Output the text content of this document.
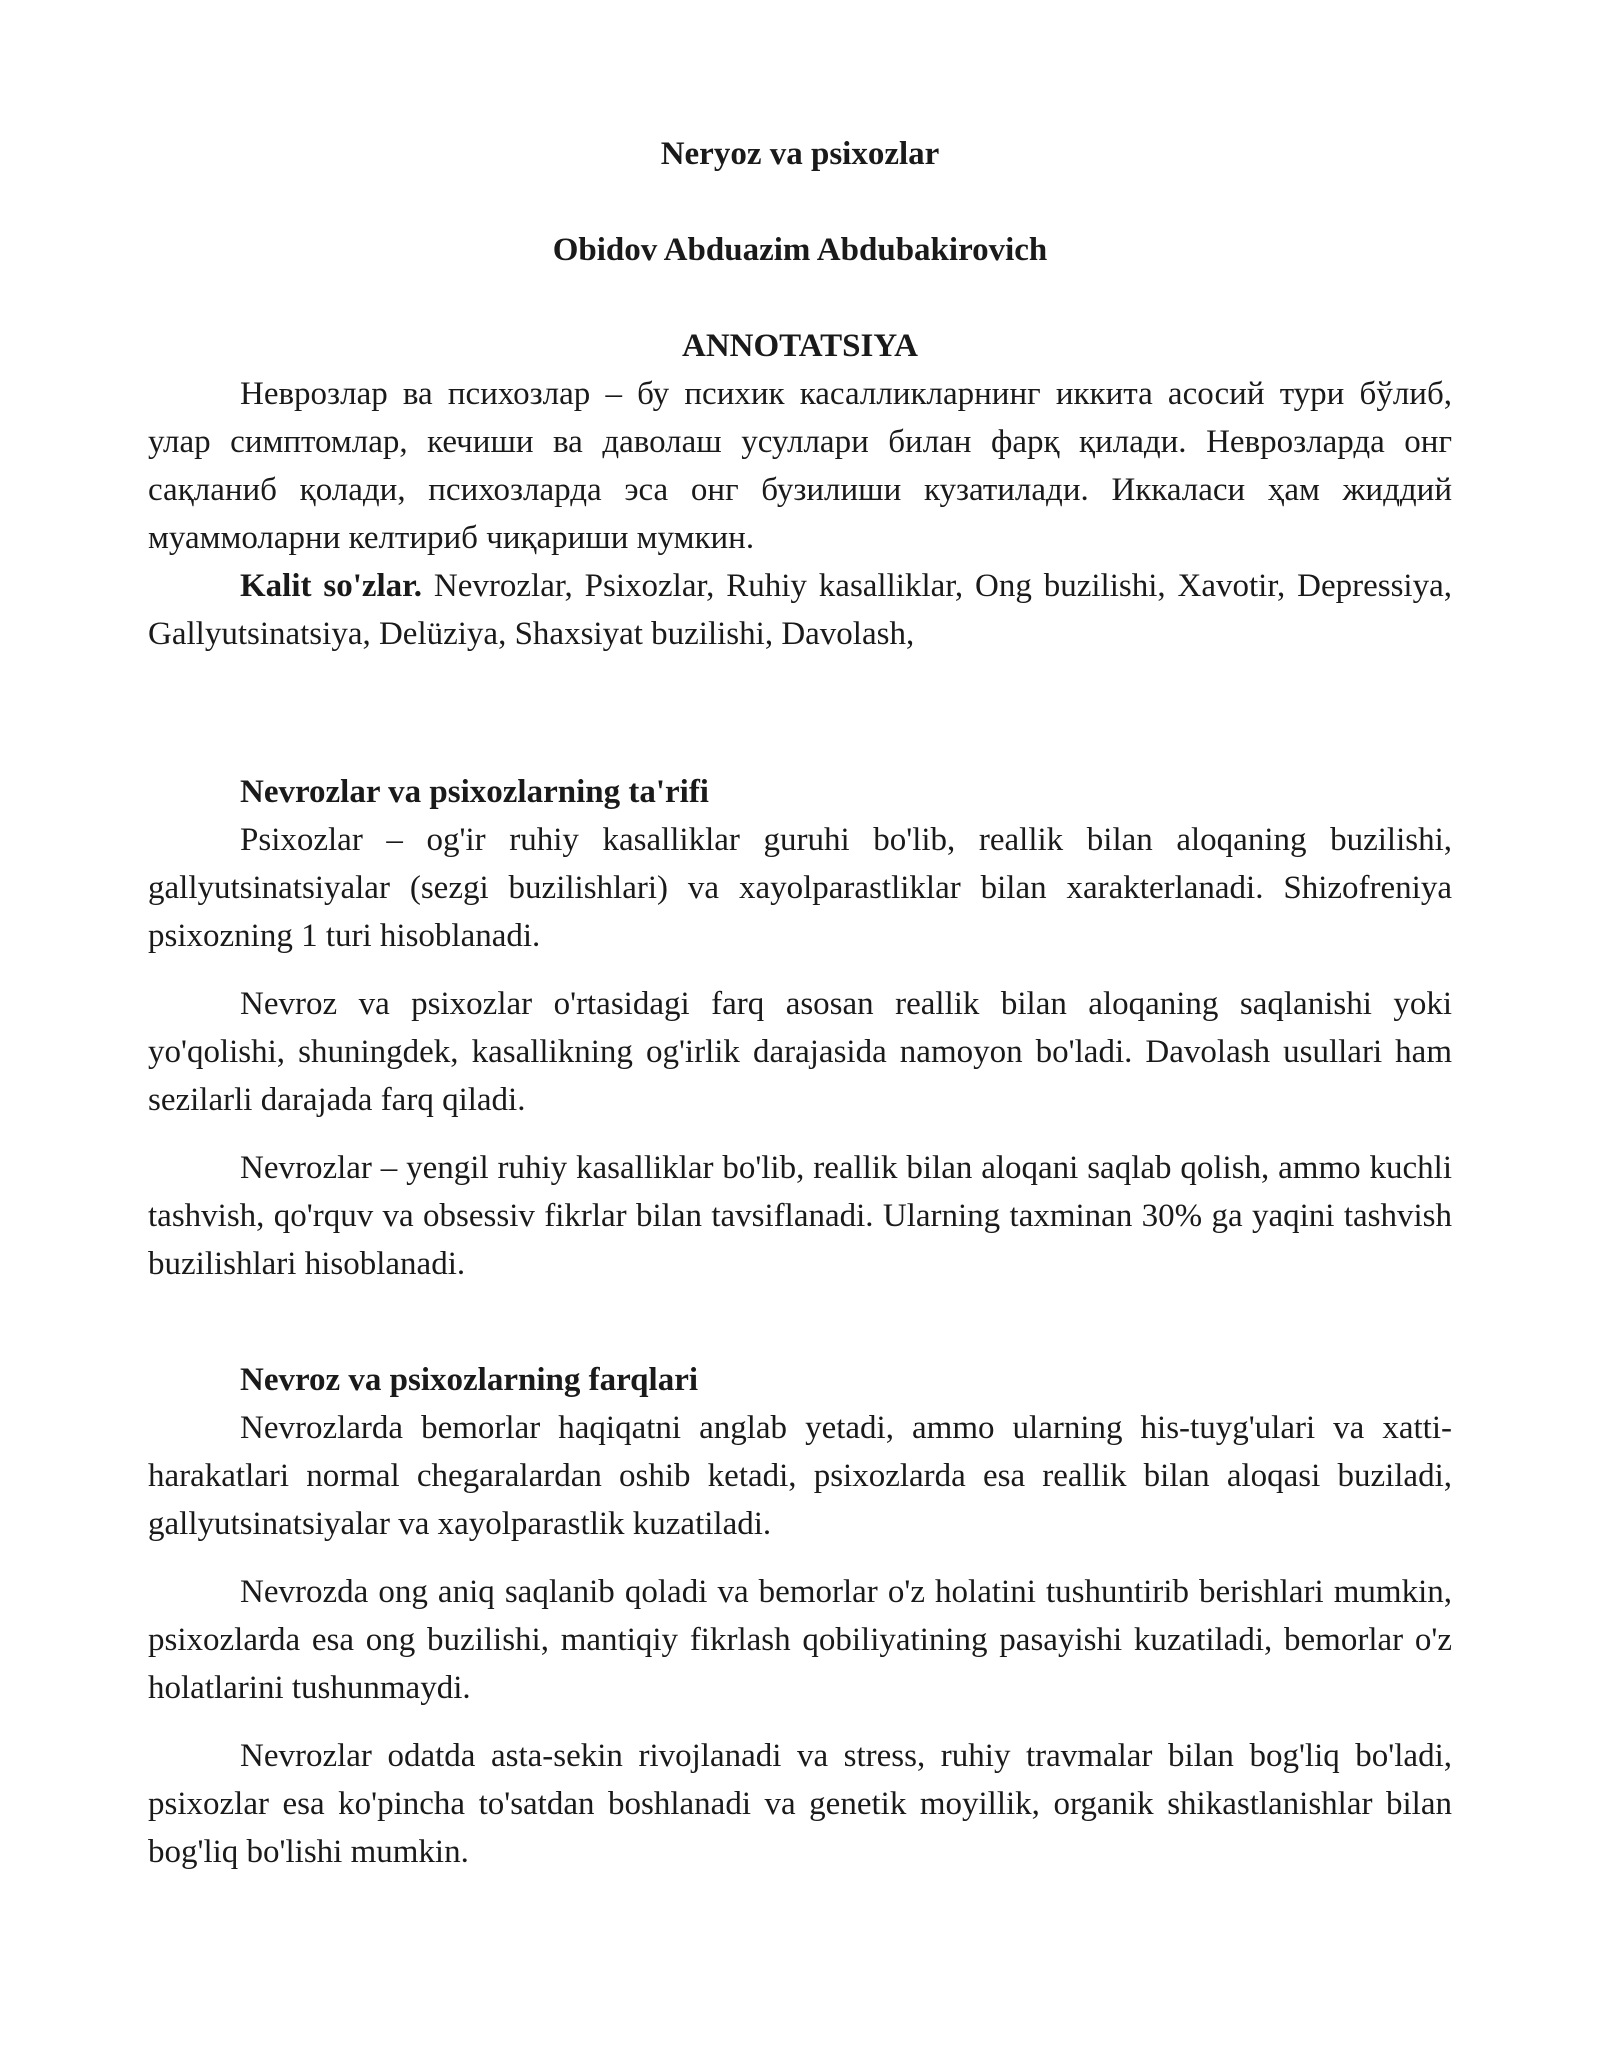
Neryoz va psixozlar
Obidov Abduazim Abdubakirovich
ANNOTATSIYA

Неврозлар ва психозлар – бу психик касалликларнинг иккита асосий тури бўлиб, улар симптомлар, кечиши ва даволаш усуллари билан фарқ қилади. Неврозларда онг сақланиб қолади, психозларда эса онг бузилиши кузатилади. Иккаласи ҳам жиддий муаммоларни келтириб чиқариши мумкин.

Kalit so'zlar. Nevrozlar, Psixozlar, Ruhiy kasalliklar, Ong buzilishi, Xavotir, Depressiya, Gallyutsinatsiya, Delüziya, Shaxsiyat buzilishi, Davolash,

Nevrozlar va psixozlarning ta'rifi

Psixozlar – og'ir ruhiy kasalliklar guruhi bo'lib, reallik bilan aloqaning buzilishi, gallyutsinatsiyalar (sezgi buzilishlari) va xayolparastliklar bilan xarakterlanadi. Shizofreniya psixozning 1 turi hisoblanadi.

Nevroz va psixozlar o'rtasidagi farq asosan reallik bilan aloqaning saqlanishi yoki yo'qolishi, shuningdek, kasallikning og'irlik darajasida namoyon bo'ladi. Davolash usullari ham sezilarli darajada farq qiladi.

Nevrozlar – yengil ruhiy kasalliklar bo'lib, reallik bilan aloqani saqlab qolish, ammo kuchli tashvish, qo'rquv va obsessiv fikrlar bilan tavsiflanadi. Ularning taxminan 30% ga yaqini tashvish buzilishlari hisoblanadi.

Nevroz va psixozlarning farqlari

Nevrozlarda bemorlar haqiqatni anglab yetadi, ammo ularning his-tuyg'ulari va xatti-harakatlari normal chegaralardan oshib ketadi, psixozlarda esa reallik bilan aloqasi buziladi, gallyutsinatsiyalar va xayolparastlik kuzatiladi.

Nevrozda ong aniq saqlanib qoladi va bemorlar o'z holatini tushuntirib berishlari mumkin, psixozlarda esa ong buzilishi, mantiqiy fikrlash qobiliyatining pasayishi kuzatiladi, bemorlar o'z holatlarini tushunmaydi.

Nevrozlar odatda asta-sekin rivojlanadi va stress, ruhiy travmalar bilan bog'liq bo'ladi, psixozlar esa ko'pincha to'satdan boshlanadi va genetik moyillik, organik shikastlanishlar bilan bog'liq bo'lishi mumkin.
